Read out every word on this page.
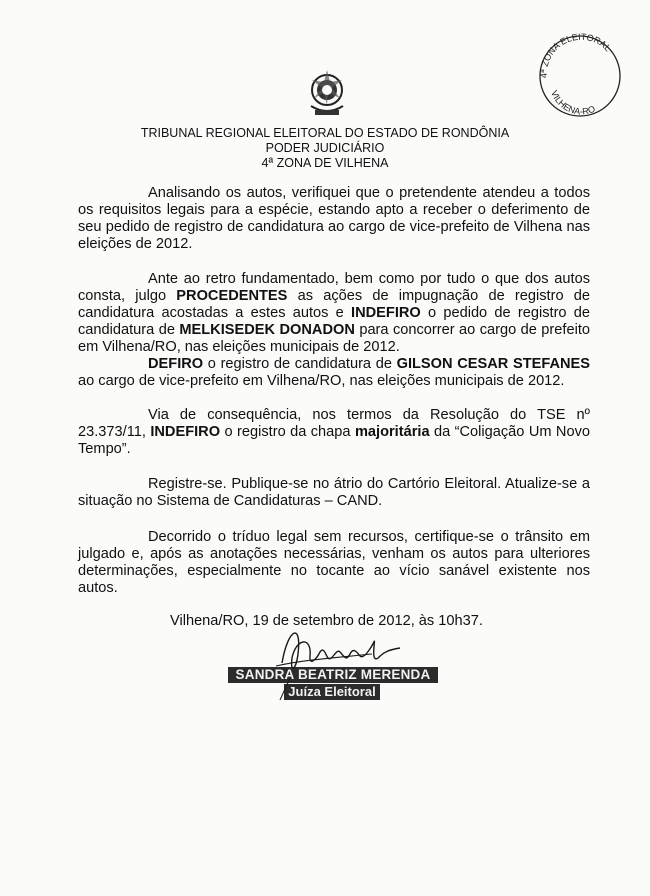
4ª ZONA ELEITORAL
VILHENA-RO
TRIBUNAL REGIONAL ELEITORAL DO ESTADO DE RONDÔNIA
PODER JUDICIÁRIO
4ª ZONA DE VILHENA

Analisando os autos, verifiquei que o pretendente atendeu a todos os requisitos legais para a espécie, estando apto a receber o deferimento de seu pedido de registro de candidatura ao cargo de vice-prefeito de Vilhena nas eleições de 2012.

Ante ao retro fundamentado, bem como por tudo o que dos autos consta, julgo PROCEDENTES as ações de impugnação de registro de candidatura acostadas a estes autos e INDEFIRO o pedido de registro de candidatura de MELKISEDEK DONADON para concorrer ao cargo de prefeito em Vilhena/RO, nas eleições municipais de 2012.

DEFIRO o registro de candidatura de GILSON CESAR STEFANES ao cargo de vice-prefeito em Vilhena/RO, nas eleições municipais de 2012.

Via de consequência, nos termos da Resolução do TSE nº 23.373/11, INDEFIRO o registro da chapa majoritária da “Coligação Um Novo Tempo”.

Registre-se. Publique-se no átrio do Cartório Eleitoral. Atualize-se a situação no Sistema de Candidaturas – CAND.

Decorrido o tríduo legal sem recursos, certifique-se o trânsito em julgado e, após as anotações necessárias, venham os autos para ulteriores determinações, especialmente no tocante ao vício sanável existente nos autos.

Vilhena/RO, 19 de setembro de 2012, às 10h37.
SANDRA BEATRIZ MERENDA
Juíza Eleitoral
